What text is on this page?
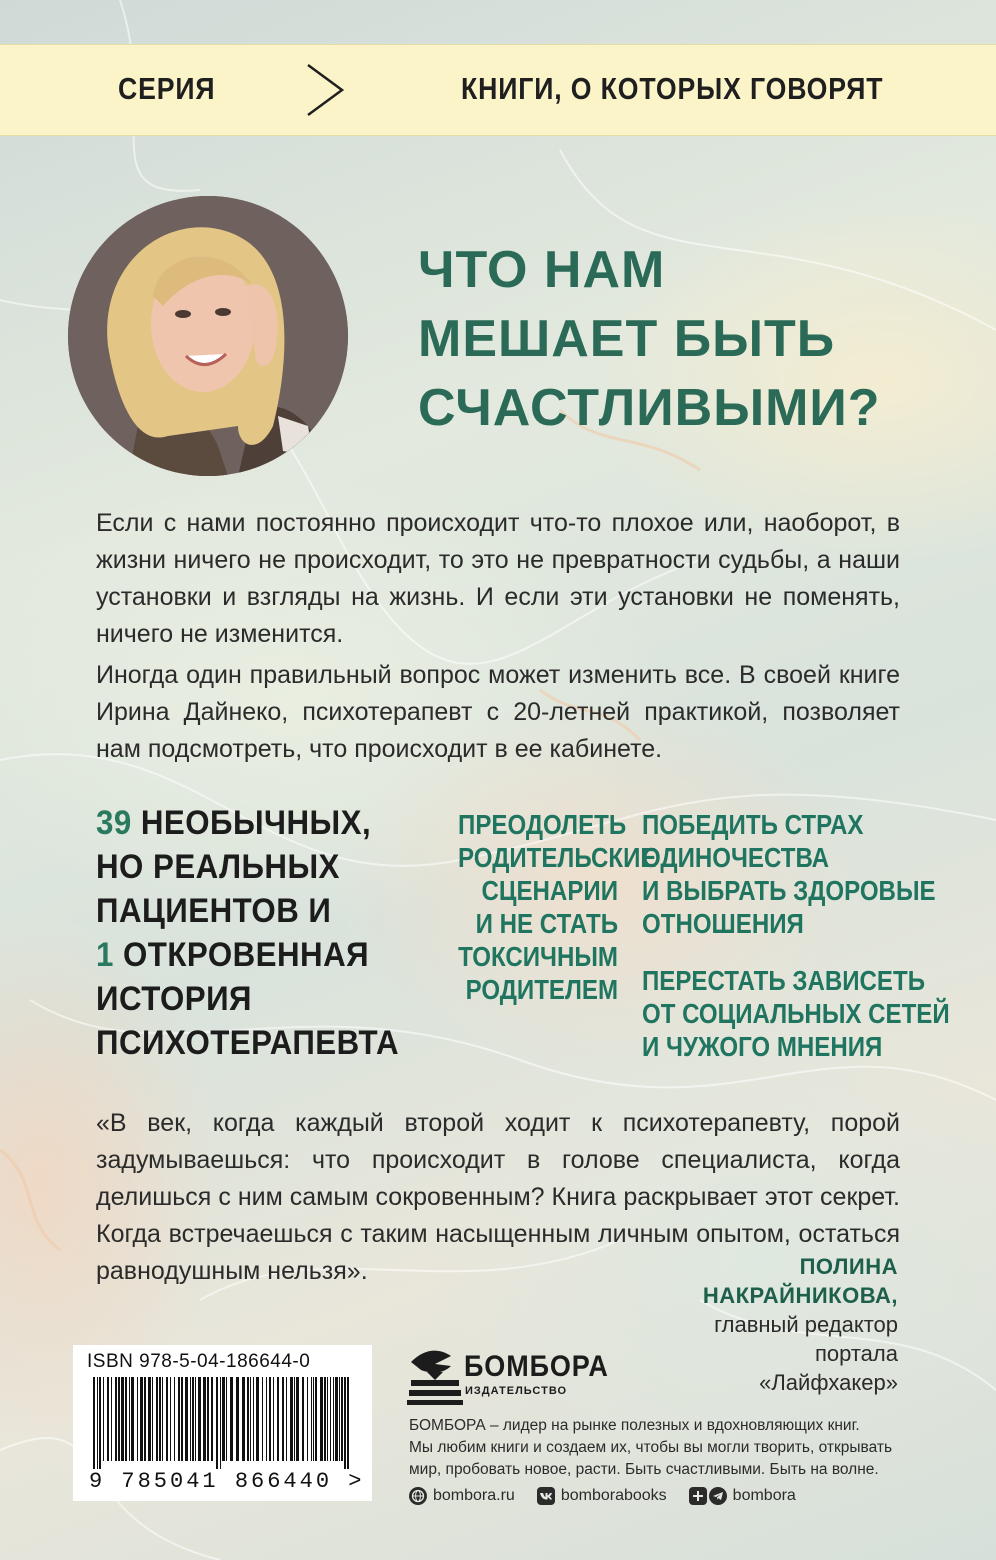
СЕРИЯ	КНИГИ, О КОТОРЫХ ГОВОРЯТ
ЧТО НАМ
МЕШАЕТ БЫТЬ
СЧАСТЛИВЫМИ?
Если с нами постоянно происходит что-то плохое или, наоборот, в жизни ничего не происходит, то это не превратности судьбы, а наши установки и взгляды на жизнь. И если эти установки не поменять, ничего не изменится.
Иногда один правильный вопрос может изменить все. В своей книге Ирина Дайнеко, психотерапевт с 20-летней практикой, позволяет нам подсмотреть, что происходит в ее кабинете.
39 НЕОБЫЧНЫХ,
НО РЕАЛЬНЫХ
ПАЦИЕНТОВ И
1 ОТКРОВЕННАЯ
ИСТОРИЯ
ПСИХОТЕРАПЕВТА
ПРЕОДОЛЕТЬ
РОДИТЕЛЬСКИЕ
СЦЕНАРИИ
И НЕ СТАТЬ
ТОКСИЧНЫМ
РОДИТЕЛЕМ
ПОБЕДИТЬ СТРАХ
ОДИНОЧЕСТВА
И ВЫБРАТЬ ЗДОРОВЫЕ
ОТНОШЕНИЯ
ПЕРЕСТАТЬ ЗАВИСЕТЬ
ОТ СОЦИАЛЬНЫХ СЕТЕЙ
И ЧУЖОГО МНЕНИЯ
«В век, когда каждый второй ходит к психотерапевту, порой задумываешься: что происходит в голове специалиста, когда делишься с ним самым сокровенным? Книга раскрывает этот секрет. Когда встречаешься с таким насыщенным личным опытом, остаться равнодушным нельзя».	ПОЛИНА
НАКРАЙНИКОВА,
главный редактор
портала
«Лайфхакер»
ISBN 978-5-04-186644-0
9 785041 866440 >
БОМБОРА
ИЗДАТЕЛЬСТВО
БОМБОРА – лидер на рынке полезных и вдохновляющих книг.
Мы любим книги и создаем их, чтобы вы могли творить, открывать
мир, пробовать новое, расти. Быть счастливыми. Быть на волне.
bombora.ru	bomborabooks	bombora
